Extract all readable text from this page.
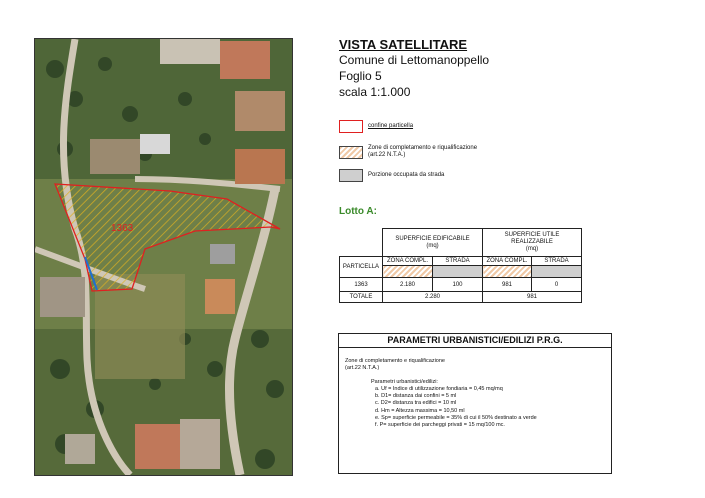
1363
VISTA SATELLITARE
Comune di Lettomanoppello
Foglio 5
scala 1:1.000
confine particella
Zone di completamento e riqualificazione
(art.22 N.T.A.)
Porzione occupata da strada
Lotto A:
	SUPERFICIE EDIFICABILE
(mq)		SUPERFICIE UTILE
REALIZZABILE
(mq)	
PARTICELLA	ZONA COMPL.	STRADA	ZONA COMPL.	STRADA

1363	2.180	100	981	0
TOTALE	2.280		981	
PARAMETRI URBANISTICI/EDILIZI P.R.G.
Zone di completamento e riqualificazione
(art.22 N.T.A.)
Parametri urbanistici/edilizi:
a. Uf = Indice di utilizzazione fondiaria = 0,45 mq/mq
b. D1= distanza dai confini = 5 ml
c. D2= distanza tra edifici = 10 ml
d. Hm = Altezza massima = 10,50 ml
e. Sp= superficie permeabile = 35% di cui il 50% destinato a verde
f. P= superficie dei parcheggi privati = 15 mq/100 mc.
